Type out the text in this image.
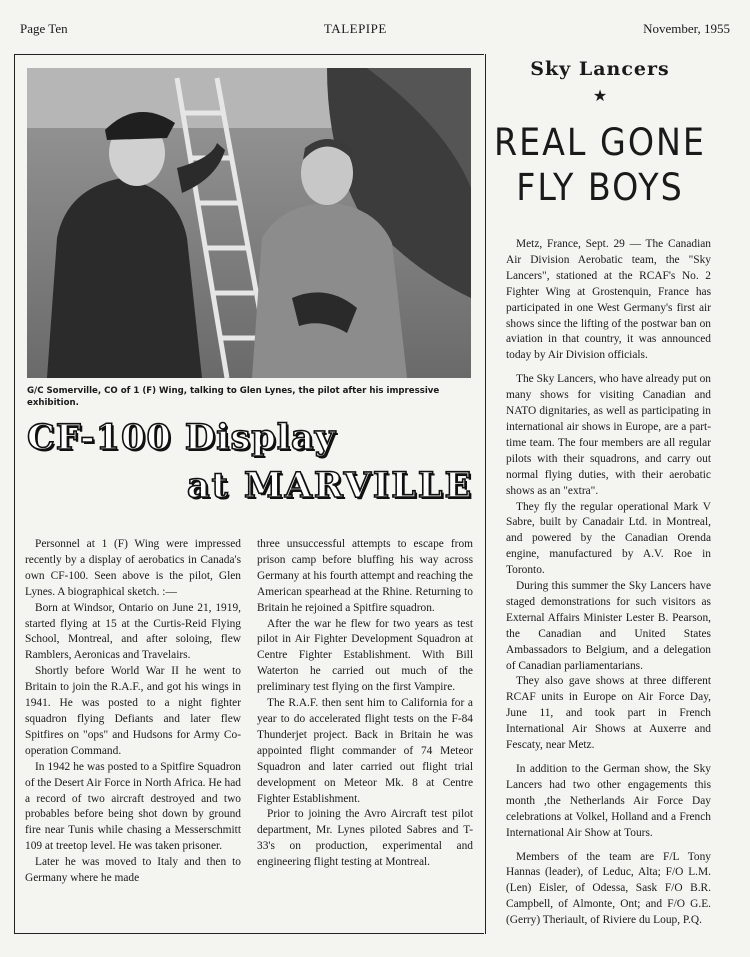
Page Ten	TALEPIPE	November, 1955
G/C Somerville, CO of 1 (F) Wing, talking to Glen Lynes, the pilot after his impressive exhibition.
CF-100 Display
at MARVILLE

Personnel at 1 (F) Wing were impressed recently by a display of aerobatics in Canada's own CF-100. Seen above is the pilot, Glen Lynes. A biographical sketch. :—

Born at Windsor, Ontario on June 21, 1919, started flying at 15 at the Curtis-Reid Flying School, Montreal, and after soloing, flew Ramblers, Aeronicas and Travelairs.

Shortly before World War II he went to Britain to join the R.A.F., and got his wings in 1941. He was posted to a night fighter squadron flying Defiants and later flew Spitfires on "ops" and Hudsons for Army Co-operation Command.

In 1942 he was posted to a Spitfire Squadron of the Desert Air Force in North Africa. He had a record of two aircraft destroyed and two probables before being shot down by ground fire near Tunis while chasing a Messerschmitt 109 at treetop level. He was taken prisoner.

Later he was moved to Italy and then to Germany where he made

three unsuccessful attempts to escape from prison camp before bluffing his way across Germany at his fourth attempt and reaching the American spearhead at the Rhine. Returning to Britain he rejoined a Spitfire squadron.

After the war he flew for two years as test pilot in Air Fighter Development Squadron at Centre Fighter Establishment. With Bill Waterton he carried out much of the preliminary test flying on the first Vampire.

The R.A.F. then sent him to California for a year to do accelerated flight tests on the F-84 Thunderjet project. Back in Britain he was appointed flight commander of 74 Meteor Squadron and later carried out flight trial development on Meteor Mk. 8 at Centre Fighter Establishment.

Prior to joining the Avro Aircraft test pilot department, Mr. Lynes piloted Sabres and T-33's on production, experimental and engineering flight testing at Montreal.

Sky Lancers
★
REAL GONE
FLY BOYS

Metz, France, Sept. 29 — The Canadian Air Division Aerobatic team, the "Sky Lancers", stationed at the RCAF's No. 2 Fighter Wing at Grostenquin, France has participated in one West Germany's first air shows since the lifting of the postwar ban on aviation in that country, it was announced today by Air Division officials.

The Sky Lancers, who have already put on many shows for visiting Canadian and NATO dignitaries, as well as participating in international air shows in Europe, are a part-time team. The four members are all regular pilots with their squadrons, and carry out normal flying duties, with their aerobatic shows as an "extra".

They fly the regular operational Mark V Sabre, built by Canadair Ltd. in Montreal, and powered by the Canadian Orenda engine, manufactured by A.V. Roe in Toronto.

During this summer the Sky Lancers have staged demonstrations for such visitors as External Affairs Minister Lester B. Pearson, the Canadian and United States Ambassadors to Belgium, and a delegation of Canadian parliamentarians.

They also gave shows at three different RCAF units in Europe on Air Force Day, June 11, and took part in French International Air Shows at Auxerre and Fescaty, near Metz.

In addition to the German show, the Sky Lancers had two other engagements this month ,the Netherlands Air Force Day celebrations at Volkel, Holland and a French International Air Show at Tours.

Members of the team are F/L Tony Hannas (leader), of Leduc, Alta; F/O L.M. (Len) Eisler, of Odessa, Sask F/O B.R. Campbell, of Almonte, Ont; and F/O G.E. (Gerry) Theriault, of Riviere du Loup, P.Q.
